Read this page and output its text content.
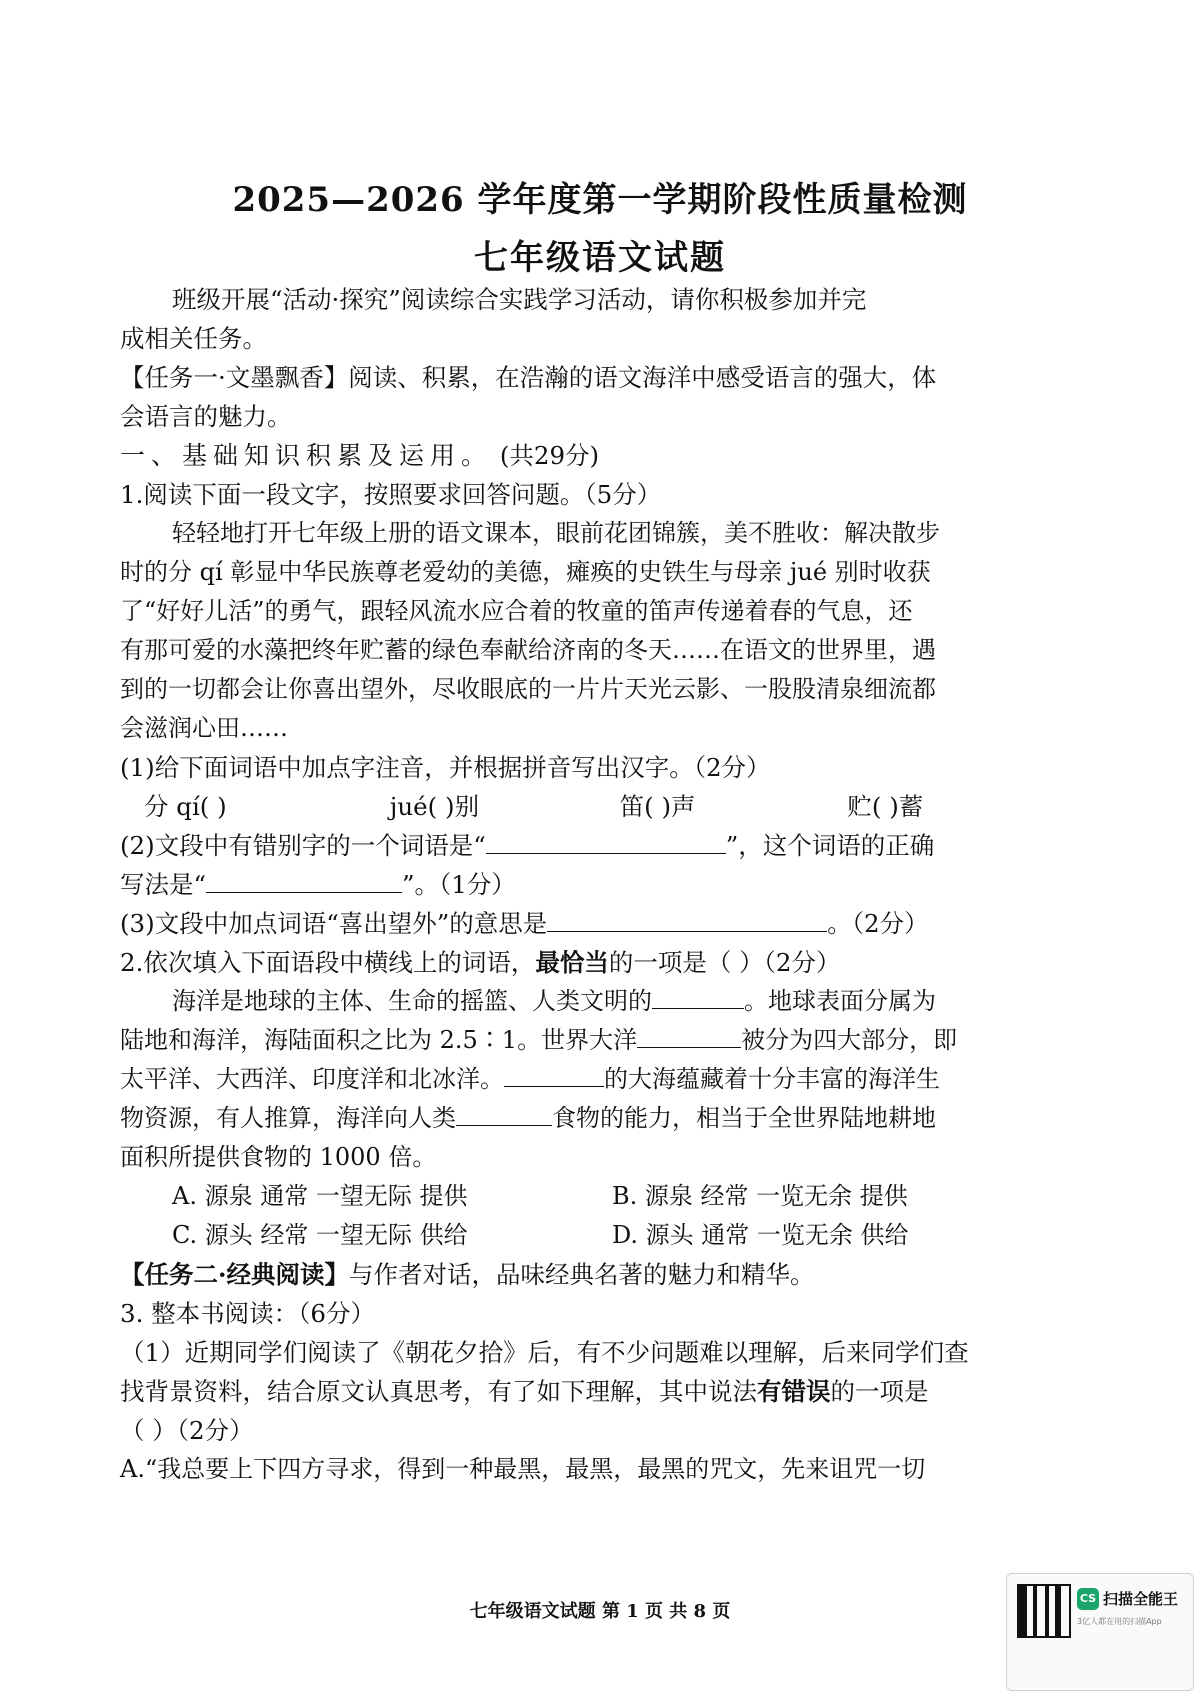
2025—2026 学年度第一学期阶段性质量检测
七年级语文试题
班级开展“活动·探究”阅读综合实践学习活动，请你积极参加并完
成相关任务。
【任务一·文墨飘香】阅读、积累，在浩瀚的语文海洋中感受语言的强大，体
会语言的魅力。
一、基础知识积累及运用。 (共29分)
1.阅读下面一段文字，按照要求回答问题。（5分）
轻轻地打开七年级上册的语文课本，眼前花团锦簇，美不胜收：解决散步
时的分 qí 彰显中华民族尊老爱幼的美德，瘫痪的史铁生与母亲 jué 别时收获
了“好好儿活”的勇气，跟轻风流水应合着的牧童的笛声传递着春的气息，还
有那可爱的水藻把终年贮蓄的绿色奉献给济南的冬天……在语文的世界里，遇
到的一切都会让你喜出望外，尽收眼底的一片片天光云影、一股股清泉细流都
会滋润心田……
(1)给下面词语中加点字注音，并根据拼音写出汉字。（2分）
分 qí( )	jué( )别	笛( )声	贮( )蓄
(2)文段中有错别字的一个词语是“	”，这个词语的正确
写法是“	”。（1分）
(3)文段中加点词语“喜出望外”的意思是	。（2分）
2.依次填入下面语段中横线上的词语，最恰当的一项是（ ）（2分）
海洋是地球的主体、生命的摇篮、人类文明的	。地球表面分属为
陆地和海洋，海陆面积之比为 2.5∶1。世界大洋	被分为四大部分，即
太平洋、大西洋、印度洋和北冰洋。	的大海蕴藏着十分丰富的海洋生
物资源，有人推算，海洋向人类	食物的能力，相当于全世界陆地耕地
面积所提供食物的 1000 倍。
A. 源泉 通常 一望无际 提供	B. 源泉 经常 一览无余 提供
C. 源头 经常 一望无际 供给	D. 源头 通常 一览无余 供给
【任务二·经典阅读】与作者对话，品味经典名著的魅力和精华。
3. 整本书阅读：（6分）
（1）近期同学们阅读了《朝花夕拾》后，有不少问题难以理解，后来同学们查
找背景资料，结合原文认真思考，有了如下理解，其中说法有错误的一项是
（ ）（2分）
A.“我总要上下四方寻求，得到一种最黑，最黑，最黑的咒文，先来诅咒一切
七年级语文试题 第 1 页 共 8 页
CS 扫描全能王
3亿人都在用的扫描App
